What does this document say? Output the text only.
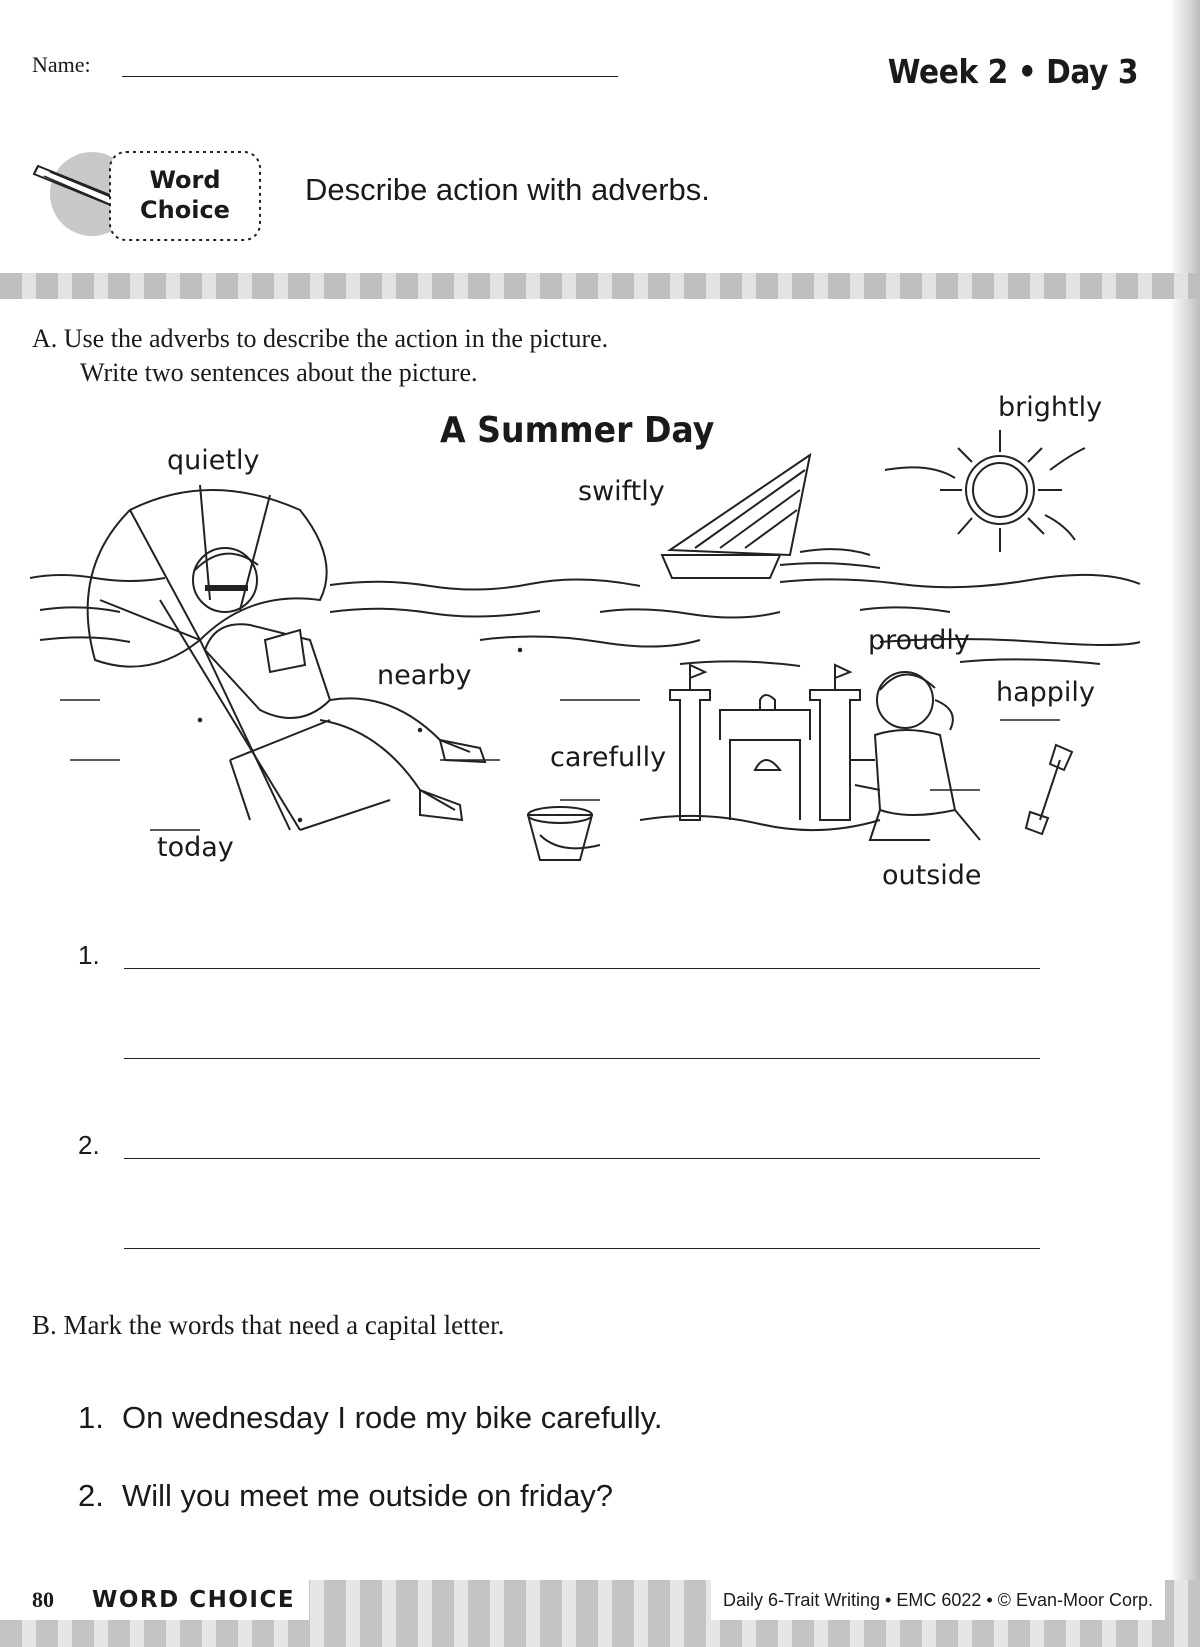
Name:	Week 2 • Day 3
Word
Choice
Describe action with adverbs.
A. Use the adverbs to describe the action in the picture.
Write two sentences about the picture.
A Summer Day
quietly
swiftly
brightly
nearby
proudly
happily
carefully
today
outside
1.
2.
B. Mark the words that need a capital letter.
1. On wednesday I rode my bike carefully.
2. Will you meet me outside on friday?
80 WORD CHOICE	Daily 6-Trait Writing • EMC 6022 • © Evan-Moor Corp.
